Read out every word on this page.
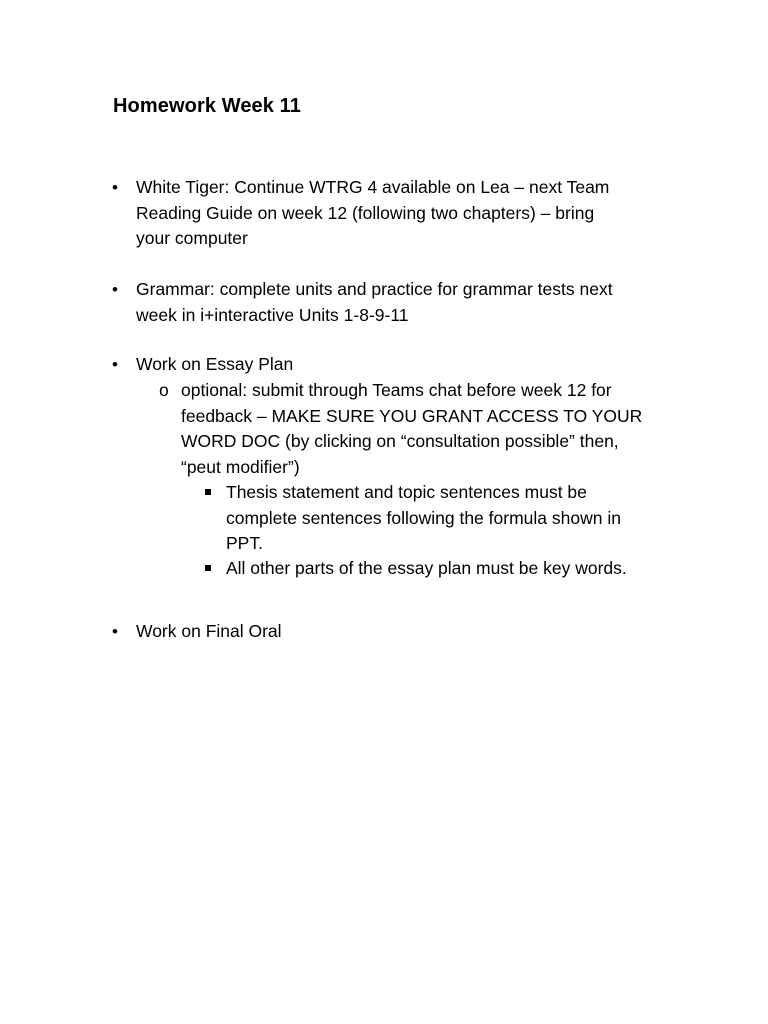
Homework Week 11
• White Tiger: Continue WTRG 4 available on Lea – next Team
Reading Guide on week 12 (following two chapters) – bring
your computer
• Grammar: complete units and practice for grammar tests next
week in i+interactive Units 1-8-9-11
• Work on Essay Plan
o optional: submit through Teams chat before week 12 for
feedback – MAKE SURE YOU GRANT ACCESS TO YOUR
WORD DOC (by clicking on “consultation possible” then,
“peut modifier”)
Thesis statement and topic sentences must be
complete sentences following the formula shown in
PPT.
All other parts of the essay plan must be key words.
• Work on Final Oral
